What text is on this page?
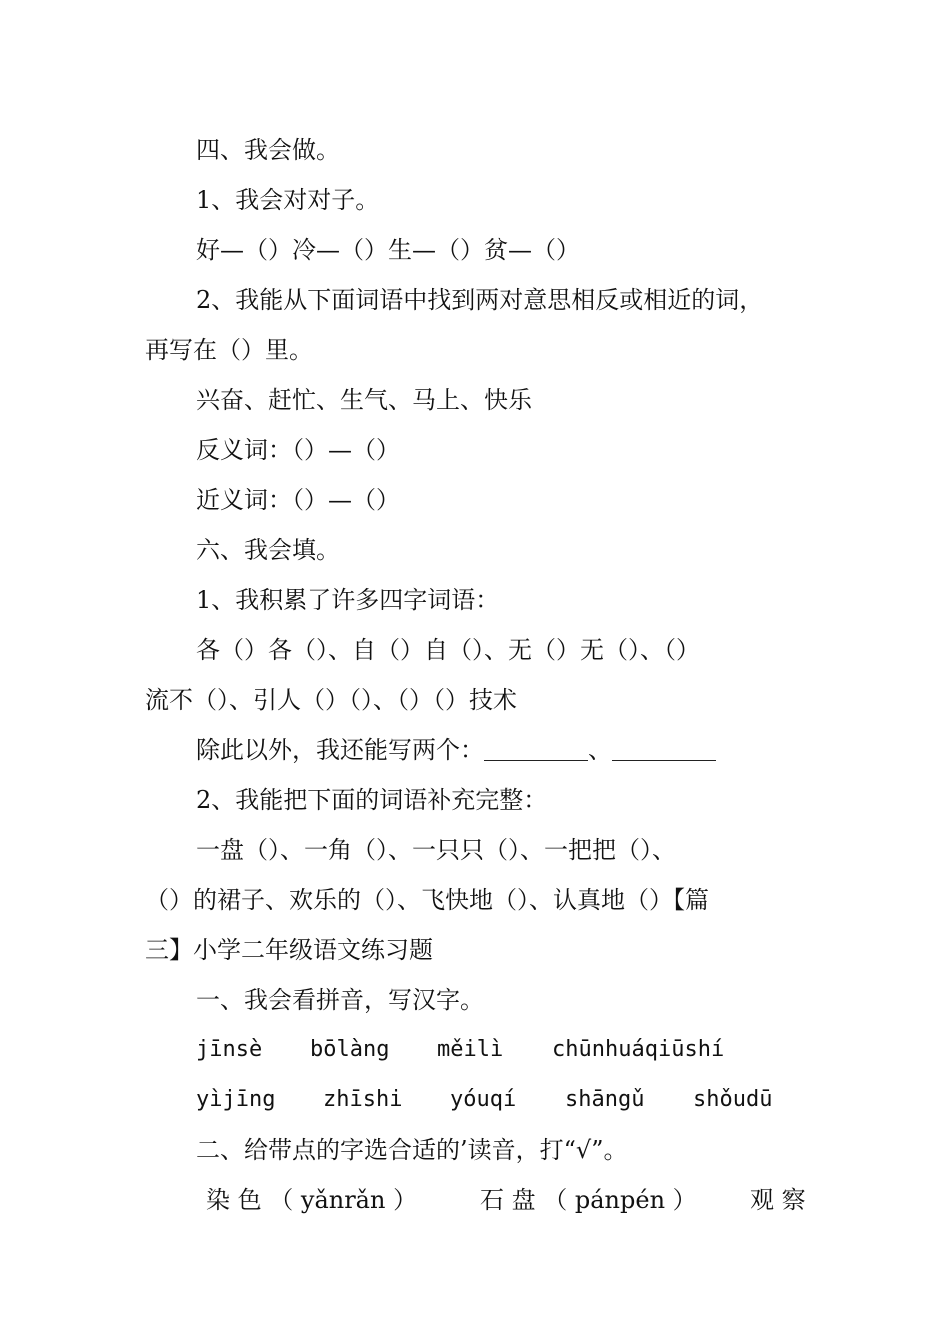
四、我会做。
1、我会对对子。
好—（）冷—（）生—（）贫—（）
2、我能从下面词语中找到两对意思相反或相近的词，
再写在（）里。
兴奋、赶忙、生气、马上、快乐
反义词：（）—（）
近义词：（）—（）
六、我会填。
1、我积累了许多四字词语：
各（）各（）、自（）自（）、无（）无（）、（）
流不（）、引人（）（）、（）（）技术
除此以外，我还能写两个：	、
2、我能把下面的词语补充完整：
一盘（）、一角（）、一只只（）、一把把（）、
（）的裙子、欢乐的（）、飞快地（）、认真地（）【篇
三】小学二年级语文练习题
一、我会看拼音，写汉字。
jīnsè bōlàng měilì chūnhuáqiūshí
yìjīng zhīshi yóuqí shāngǔ shǒudū
二、给带点的字选合适的’读音，打“√”。
染 色 （ yǎnrǎn ）	石 盘 （ pánpén ） 观 察
